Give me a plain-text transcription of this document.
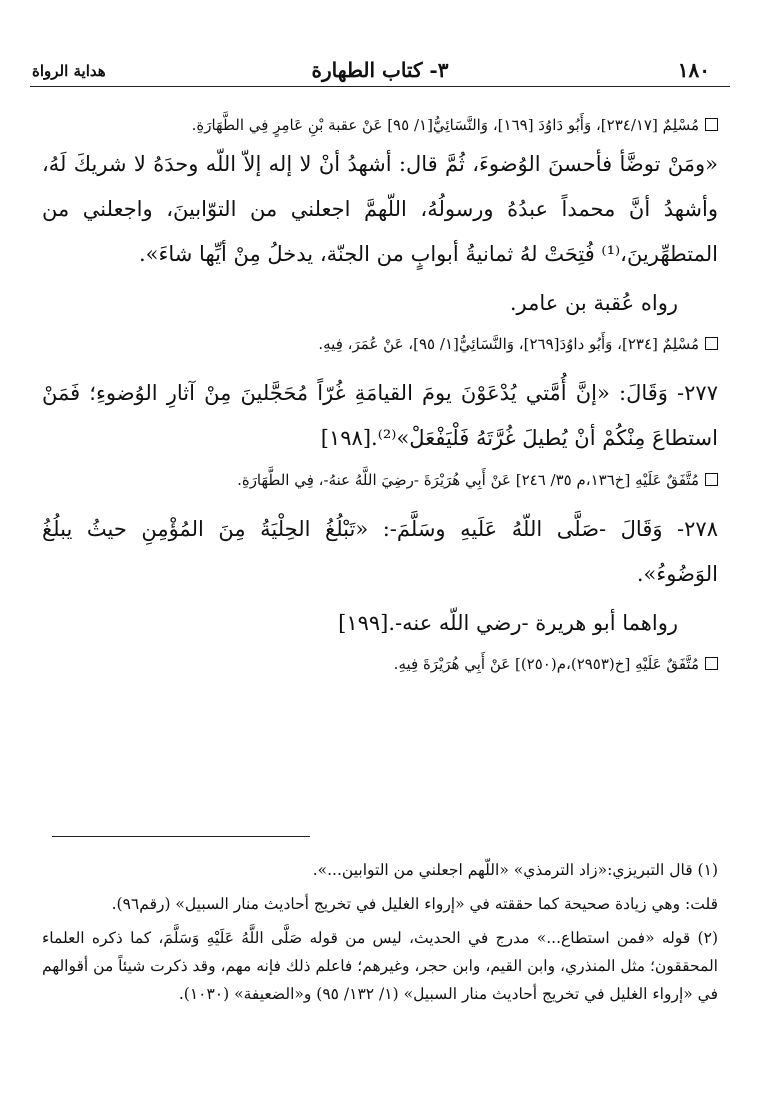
١٨٠
٣- كتاب الطهارة
هداية الرواة

مُسْلِمٌ [٢٣٤/١٧]، وَأَبُو دَاوُدَ [١٦٩]، وَالنَّسَائِيُّ[١/ ٩٥] عَنْ عقبة بْنِ عَامِرٍ فِي الطَّهَارَةِ.

«ومَنْ توضَّأ فأحسنَ الوُضوءَ، ثُمَّ قال: أشهدُ أنْ لا إله إلاّ اللّه وحدَهُ لا شريكَ لَهُ، وأشهدُ أنَّ محمداً عبدُهُ ورسولُهُ، اللّهمَّ اجعلني من التوّابينَ، واجعلني من المتطهِّرينَ،⁽¹⁾ فُتِحَتْ لهُ ثمانيةُ أبوابٍ من الجنّة، يدخلُ مِنْ أيِّها شاءَ».

رواه عُقبة بن عامر.

مُسْلِمٌ [٢٣٤]، وَأَبُو داوُدَ[٢٦٩]، وَالنَّسَائِيُّ[١/ ٩٥]، عَنْ عُمَرَ، فِيهِ.

٢٧٧- وَقَالَ: «إنَّ أُمَّتي يُدْعَوْنَ يومَ القيامَةِ غُرّاً مُحَجَّلينَ مِنْ آثارِ الوُضوءِ؛ فَمَنْ استطاعَ مِنْكُمْ أنْ يُطيلَ غُرَّتَهُ فَلْيَفْعَلْ»⁽²⁾.[١٩٨]

مُتَّفَقٌ عَلَيْهِ [خ١٣٦،م ٣٥/ ٢٤٦] عَنْ أَبِي هُرَيْرَةَ -رضِيَ اللَّهُ عنهُ-، فِي الطَّهَارَةِ.

٢٧٨- وَقَالَ -صَلَّى اللّهُ عَلَيهِ وسَلَّمَ-: «تَبْلُغُ الحِلْيَةُ مِنَ المُؤْمِنِ حيثُ يبلُغُ الوَضُوءُ».

رواهما أبو هريرة -رضي اللّه عنه-.[١٩٩]

مُتَّفَقٌ عَلَيْهِ [خ(٢٩٥٣)،م(٢٥٠)] عَنْ أَبِي هُرَيْرَةَ فِيهِ.

(١) قال التبريزي:«زاد الترمذي» «اللّهم اجعلني من التوابين...».

قلت: وهي زيادة صحيحة كما حققته في «إرواء الغليل في تخريج أحاديث منار السبيل» (رقم٩٦).

(٢) قوله «فمن استطاع...» مدرج في الحديث، ليس من قوله صَلَّى اللَّهُ عَلَيْهِ وَسَلَّمَ، كما ذكره العلماء المحققون؛ مثل المنذري، وابن القيم، وابن حجر، وغيرهم؛ فاعلم ذلك فإنه مهم، وقد ذكرت شيئاً من أقوالهم في «إرواء الغليل في تخريج أحاديث منار السبيل» (١/ ١٣٢/ ٩٥) و«الضعيفة» (١٠٣٠).
